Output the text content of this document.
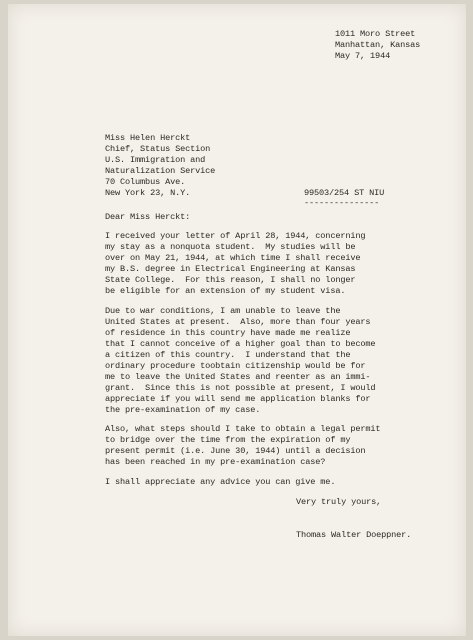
1011 Moro Street
Manhattan, Kansas
May 7, 1944
Miss Helen Herckt
Chief, Status Section
U.S. Immigration and
Naturalization Service
70 Columbus Ave.
New York 23, N.Y.	99503/254 ST NIU
---------------
Dear Miss Herckt:
I received your letter of April 28, 1944, concerning
my stay as a nonquota student.  My studies will be
over on May 21, 1944, at which time I shall receive
my B.S. degree in Electrical Engineering at Kansas
State College.  For this reason, I shall no longer
be eligible for an extension of my student visa.
Due to war conditions, I am unable to leave the
United States at present.  Also, more than four years
of residence in this country have made me realize
that I cannot conceive of a higher goal than to become
a citizen of this country.  I understand that the
ordinary procedure toobtain citizenship would be for
me to leave the United States and reenter as an immi-
grant.  Since this is not possible at present, I would
appreciate if you will send me application blanks for
the pre-examination of my case.
Also, what steps should I take to obtain a legal permit
to bridge over the time from the expiration of my
present permit (i.e. June 30, 1944) until a decision
has been reached in my pre-examination case?
I shall appreciate any advice you can give me.
Very truly yours,
Thomas Walter Doeppner.
